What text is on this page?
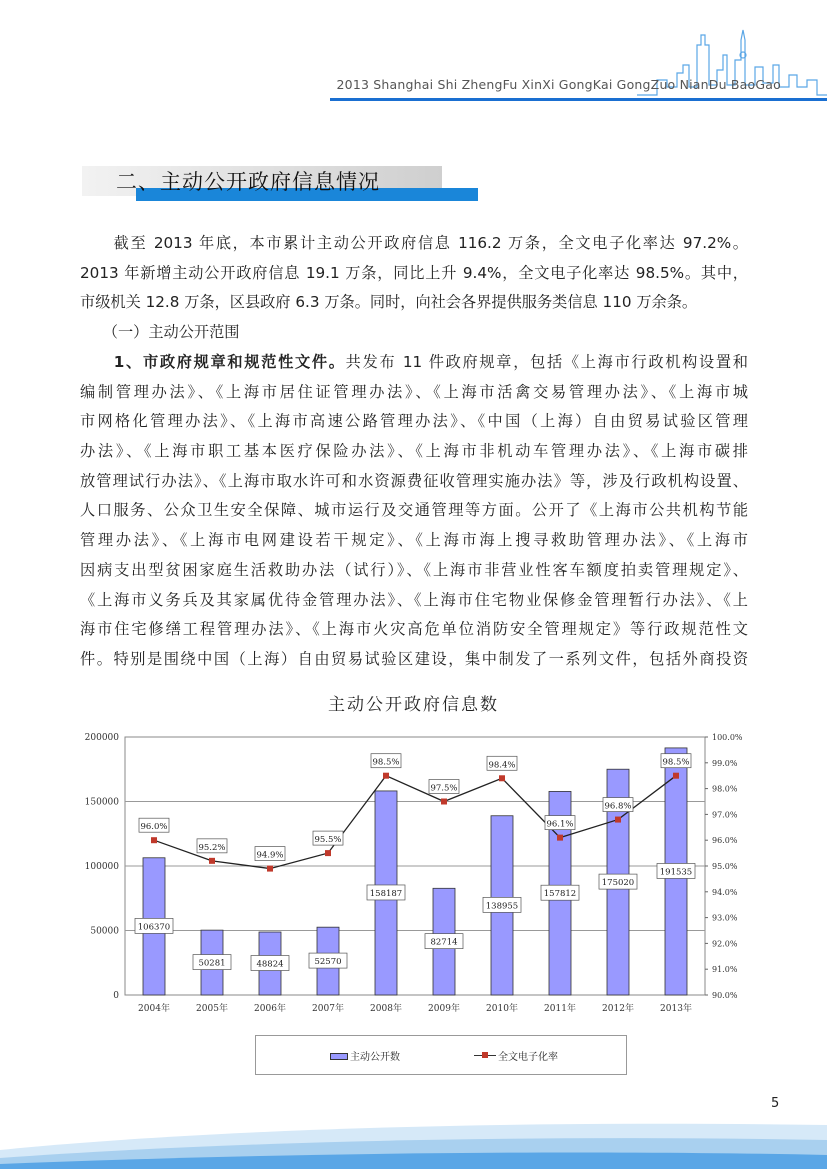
2013 Shanghai Shi ZhengFu XinXi GongKai GongZuo NianDu BaoGao
二、主动公开政府信息情况
　　截至 2013 年底，本市累计主动公开政府信息 116.2 万条，全文电子化率达 97.2%。
2013 年新增主动公开政府信息 19.1 万条，同比上升 9.4%，全文电子化率达 98.5%。其中，
市级机关 12.8 万条，区县政府 6.3 万条。同时，向社会各界提供服务类信息 110 万余条。
　　（一）主动公开范围
　　1、市政府规章和规范性文件。共发布 11 件政府规章，包括《上海市行政机构设置和
编制管理办法》、《上海市居住证管理办法》、《上海市活禽交易管理办法》、《上海市城
市网格化管理办法》、《上海市高速公路管理办法》、《中国（上海）自由贸易试验区管理
办法》、《上海市职工基本医疗保险办法》、《上海市非机动车管理办法》、《上海市碳排
放管理试行办法》、《上海市取水许可和水资源费征收管理实施办法》等，涉及行政机构设置、
人口服务、公众卫生安全保障、城市运行及交通管理等方面。公开了《上海市公共机构节能
管理办法》、《上海市电网建设若干规定》、《上海市海上搜寻救助管理办法》、《上海市
因病支出型贫困家庭生活救助办法（试行）》、《上海市非营业性客车额度拍卖管理规定》、
《上海市义务兵及其家属优待金管理办法》、《上海市住宅物业保修金管理暂行办法》、《上
海市住宅修缮工程管理办法》、《上海市火灾高危单位消防安全管理规定》等行政规范性文
件。特别是围绕中国（上海）自由贸易试验区建设，集中制发了一系列文件，包括外商投资
主动公开政府信息数
0
50000
100000
150000
200000
90.0%
91.0%
92.0%
93.0%
94.0%
95.0%
96.0%
97.0%
98.0%
99.0%
100.0%
106370
2004年
50281
2005年
48824
2006年
52570
2007年
158187
2008年
82714
2009年
138955
2010年
157812
2011年
175020
2012年
191535
2013年
96.0%
95.2%
94.9%
95.5%
98.5%
97.5%
98.4%
96.1%
96.8%
98.5%
主动公开数	全文电子化率
5
